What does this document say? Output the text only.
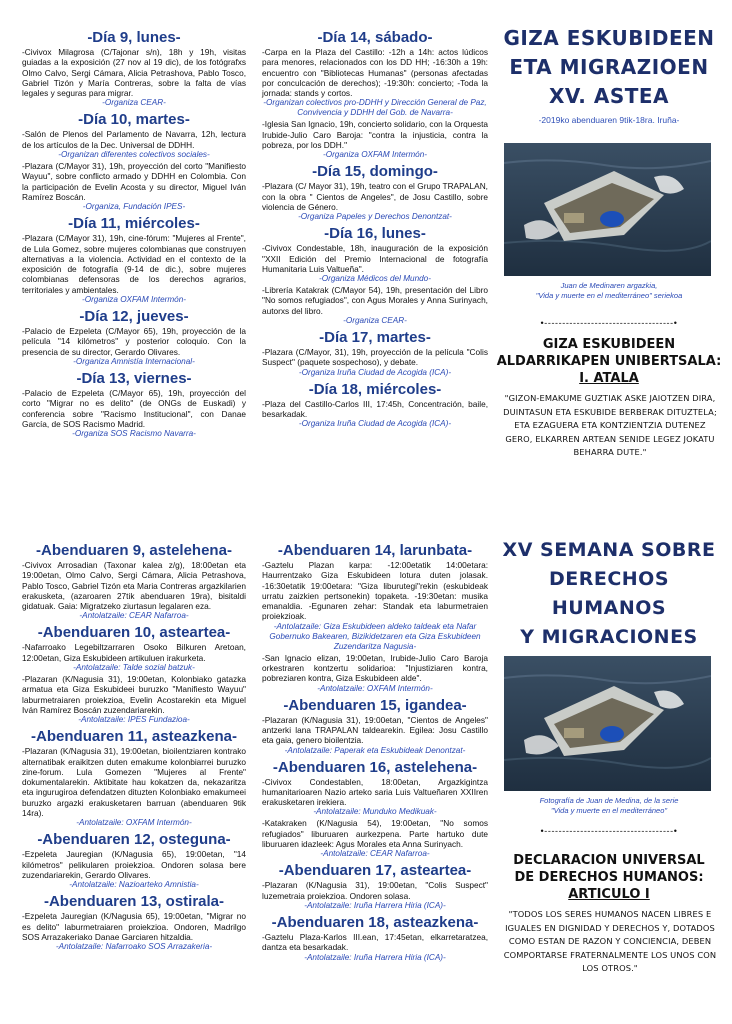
-Día 9, lunes-

-Civivox Milagrosa (C/Tajonar s/n), 18h y 19h, visitas guiadas a la exposición (27 nov al 19 dic), de los fotógrafxs Olmo Calvo, Sergi Cámara, Alicia Petrashova, Pablo Tosco, Gabriel Tizón y María Contreras, sobre la falta de vías legales y seguras para migrar.

-Organiza CEAR-

-Día 10, martes-

-Salón de Plenos del Parlamento de Navarra, 12h, lectura de los artículos de la Dec. Universal de DDHH.

-Organizan diferentes colectivos sociales-

-Plazara (C/Mayor 31), 19h, proyección del corto "Manifiesto Wayuu", sobre conflicto armado y DDHH en Colombia. Con la participación de Evelin Acosta y su director, Miguel Iván Ramírez Boscán.

-Organiza, Fundación IPES-

-Día 11, miércoles-

-Plazara (C/Mayor 31), 19h, cine-fórum: "Mujeres al Frente", de Lula Gomez, sobre mujeres colombianas que construyen alternativas a la violencia. Actividad en el contexto de la exposición de fotografía (9-14 de dic.), sobre mujeres colombianas defensoras de los derechos agrarios, territoriales y ambientales.

-Organiza OXFAM Intermón-

-Día 12, jueves-

-Palacio de Ezpeleta (C/Mayor 65), 19h, proyección de la película "14 kilómetros" y posterior coloquio. Con la presencia de su director, Gerardo Olivares.

-Organiza Amnistía Internacional-

-Día 13, viernes-

-Palacio de Ezpeleta (C/Mayor 65), 19h, proyección del corto "Migrar no es delito" (de ONGs de Euskadi) y conferencia sobre "Racismo Institucional", con Danae García, de SOS Racismo Madrid.

-Organiza SOS Racismo Navarra-

-Día 14, sábado-

-Carpa en la Plaza del Castillo: -12h a 14h: actos lúdicos para menores, relacionados con los DD HH; -16:30h a 19h: encuentro con "Bibliotecas Humanas" (personas afectadas por conculcación de derechos); -19:30h: concierto; -Toda la jornada: stands y cortos.

-Organizan colectivos pro-DDHH y Dirección General de Paz, Convivencia y DDHH del Gob. de Navarra-

-Iglesia San Ignacio, 19h, concierto solidario, con la Orquesta Irubide-Julio Caro Baroja: "contra la injusticia, contra la pobreza, por los DDH."

-Organiza OXFAM Intermón-

-Día 15, domingo-

-Plazara (C/ Mayor 31), 19h, teatro con el Grupo TRAPALAN, con la obra " Cientos de Angeles", de Josu Castillo, sobre violencia de Género.

-Organiza Papeles y Derechos Denontzat-

-Día 16, lunes-

-Civivox Condestable, 18h, inauguración de la exposición "XXII Edición del Premio Internacional de fotografía Humanitaria Luis Valtueña".

-Organiza Médicos del Mundo-

-Librería Katakrak (C/Mayor 54), 19h, presentación del Libro "No somos refugiados", con Agus Morales y Anna Surinyach, autorxs del libro.

-Organiza CEAR-

-Día 17, martes-

-Plazara (C/Mayor, 31), 19h, proyección de la película "Colis Suspect" (paquete sospechoso), y debate.

-Organiza Iruña Ciudad de Acogida (ICA)-

-Día 18, miércoles-

-Plaza del Castillo-Carlos III, 17:45h, Concentración, baile, besarkadak.

-Organiza Iruña Ciudad de Acogida (ICA)-

GIZA ESKUBIDEEN
ETA MIGRAZIOEN
XV. ASTEA
-2019ko abenduaren 9tik-18ra. Iruña-
Juan de Medinaren argazkia,
"Vida y muerte en el mediterráneo" seriekoa
•------------------------------------•
GIZA ESKUBIDEEN
ALDARRIKAPEN UNIBERTSALA:
I. ATALA
"GIZON-EMAKUME GUZTIAK ASKE JAIOTZEN DIRA, DUINTASUN ETA ESKUBIDE BERBERAK DITUZTELA; ETA EZAGUERA ETA KONTZIENTZIA DUTENEZ GERO, ELKARREN ARTEAN SENIDE LEGEZ JOKATU BEHARRA DUTE."
-Abenduaren 9, astelehena-

-Civivox Arrosadian (Taxonar kalea z/g), 18:00etan eta 19:00etan, Olmo Calvo, Sergi Cámara, Alicia Petrashova, Pablo Tosco, Gabriel Tizón eta Maria Contreras argazkilarien erakusketa, (azaroaren 27tik abenduaren 19ra), bisitaldi gidatuak. Gaia: Migratzeko ziurtasun legalaren eza.

-Antolatzaile: CEAR Nafarroa-

-Abenduaren 10, asteartea-

-Nafarroako Legebiltzarraren Osoko Bilkuren Aretoan, 12:00etan, Giza Eskubideen artikuluen irakurketa.

-Antolatzaile: Talde sozial batzuk-

-Plazaran (K/Nagusia 31), 19:00etan, Kolonbiako gatazka armatua eta Giza Eskubideei buruzko "Manifiesto Wayuu" laburmetraiaren proiekzioa, Evelin Acostarekin eta Miguel Iván Ramírez Boscán zuzendariarekin.

-Antolatzaile: IPES Fundazioa-

-Abenduaren 11, asteazkena-

-Plazaran (K/Nagusia 31), 19:00etan, bioilentziaren kontrako alternatibak eraikitzen duten emakume kolonbiarrei buruzko zine-forum. Lula Gomezen "Mujeres al Frente" dokumentalarekin. Aktibitate hau kokatzen da, nekazaritza eta ingurugiroa defendatzen dituzten Kolonbiako emakumeei buruzko argazki erakusketaren barruan (abenduaren 9tik 14ra).

-Antolatzaile: OXFAM Intermón-

-Abenduaren 12, osteguna-

-Ezpeleta Jauregian (K/Nagusia 65), 19:00etan, "14 kilómetros" pelikularen proiekzioa. Ondoren solasa bere zuzendariarekin, Gerardo Olivares.

-Antolatzaile: Nazioarteko Amnistia-

-Abenduaren 13, ostirala-

-Ezpeleta Jauregian (K/Nagusia 65), 19:00etan, "Migrar no es delito" laburmetraiaren proiekzioa. Ondoren, Madrilgo SOS Arrazakeriako Danae Garciaren hitzaldia.

-Antolatzaile: Nafarroako SOS Arrazakeria-

-Abenduaren 14, larunbata-

-Gaztelu Plazan karpa: -12:00etatik 14:00etara: Haurrentzako Giza Eskubideen lotura duten jolasak. -16:30etatik 19:00etara: "Giza liburutegi"rekin (eskubideak urratu zaizkien pertsonekin) topaketa. -19:30etan: musika emanaldia. -Egunaren zehar: Standak eta laburmetraien proiekzioak.

-Antolatzaile: Giza Eskubideen aldeko taldeak eta Nafar Gobernuko Bakearen, Bizikidetzaren eta Giza Eskubideen Zuzendaritza Nagusia-

-San Ignacio elizan, 19:00etan, Irubide-Julio Caro Baroja orkestraren kontzertu solidarioa: "Injustiziaren kontra, pobreziaren kontra, Giza Eskubideen alde".

-Antolatzaile: OXFAM Intermón-

-Abenduaren 15, igandea-

-Plazaran (K/Nagusia 31), 19:00etan, "Cientos de Angeles" antzerki lana TRAPALAN taldearekin. Egilea: Josu Castillo eta gaia, genero bioilentzia.

-Antolatzaile: Paperak eta Eskubideak Denontzat-

-Abenduaren 16, astelehena-

-Civivox Condestablen, 18:00etan, Argazkigintza humanitarioaren Nazio arteko saria Luis Valtueñaren XXIIren erakusketaren irekiera.

-Antolatzaile: Munduko Medikuak-

-Katakraken (K/Nagusia 54), 19:00etan, "No somos refugiados" liburuaren aurkezpena. Parte hartuko dute liburuaren idazleek: Agus Morales eta Anna Surinyach.

-Antolatzaile: CEAR Nafarroa-

-Abenduaren 17, asteartea-

-Plazaran (K/Nagusia 31), 19:00etan, "Colis Suspect" luzemetraia proiekzioa. Ondoren solasa.

-Antolatzaile: Iruña Harrera Hiria (ICA)-

-Abenduaren 18, asteazkena-

-Gaztelu Plaza-Karlos III.ean, 17:45etan, elkarretaratzea, dantza eta besarkadak.

-Antolatzaile: Iruña Harrera Hiria (ICA)-

XV SEMANA SOBRE
DERECHOS HUMANOS
Y MIGRACIONES
Fotografía de Juan de Medina, de la serie
"Vida y muerte en el mediterráneo"
•------------------------------------•
DECLARACION UNIVERSAL
DE DERECHOS HUMANOS:
ARTICULO I
"TODOS LOS SERES HUMANOS NACEN LIBRES E IGUALES EN DIGNIDAD Y DERECHOS Y, DOTADOS COMO ESTAN DE RAZON Y CONCIENCIA, DEBEN COMPORTARSE FRATERNALMENTE LOS UNOS CON LOS OTROS."
